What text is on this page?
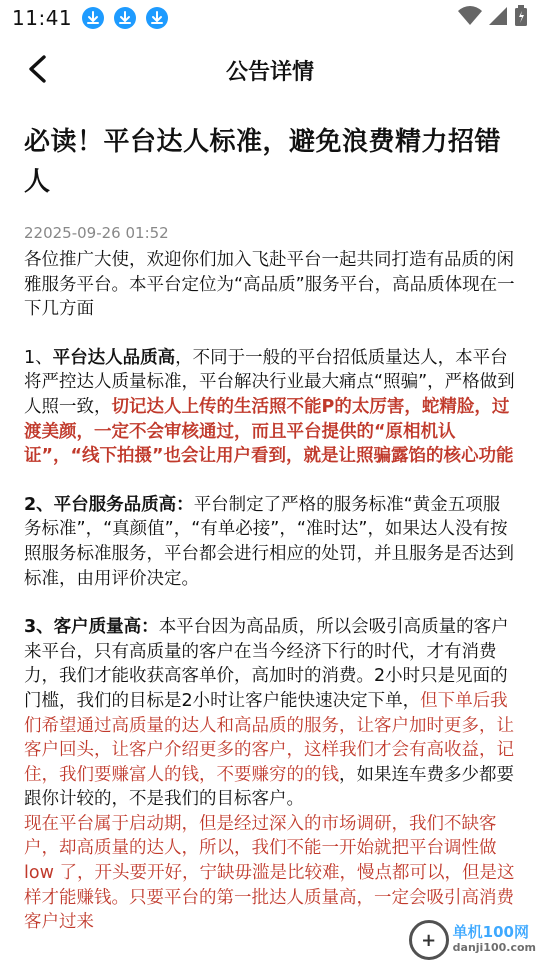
11:41
公告详情
必读！平台达人标准，避免浪费精力招错人
22025-09-26 01:52

各位推广大使，欢迎你们加入飞赴平台一起共同打造有品质的闲雅服务平台。本平台定位为“高品质”服务平台，高品质体现在一下几方面

1、平台达人品质高，不同于一般的平台招低质量达人，本平台将严控达人质量标准，平台解决行业最大痛点“照骗”，严格做到人照一致，切记达人上传的生活照不能P的太厉害，蛇精脸，过渡美颜，一定不会审核通过，而且平台提供的“原相机认证”，“线下拍摄”也会让用户看到，就是让照骗露馅的核心功能

2、平台服务品质高：平台制定了严格的服务标准“黄金五项服务标准”，“真颜值”，“有单必接”，“准时达”，如果达人没有按照服务标准服务，平台都会进行相应的处罚，并且服务是否达到标准，由用评价决定。

3、客户质量高：本平台因为高品质，所以会吸引高质量的客户来平台，只有高质量的客户在当今经济下行的时代，才有消费力，我们才能收获高客单价，高加时的消费。2小时只是见面的门槛，我们的目标是2小时让客户能快速决定下单，但下单后我们希望通过高质量的达人和高品质的服务，让客户加时更多，让客户回头，让客户介绍更多的客户，这样我们才会有高收益，记住，我们要赚富人的钱，不要赚穷的的钱，如果连车费多少都要跟你计较的，不是我们的目标客户。
现在平台属于启动期，但是经过深入的市场调研，我们不缺客户，却高质量的达人，所以，我们不能一开始就把平台调性做 low 了，开头要开好，宁缺毋滥是比较难，慢点都可以，但是这样才能赚钱。只要平台的第一批达人质量高，一定会吸引高消费客户过来

+	单机100网
danji100.com
